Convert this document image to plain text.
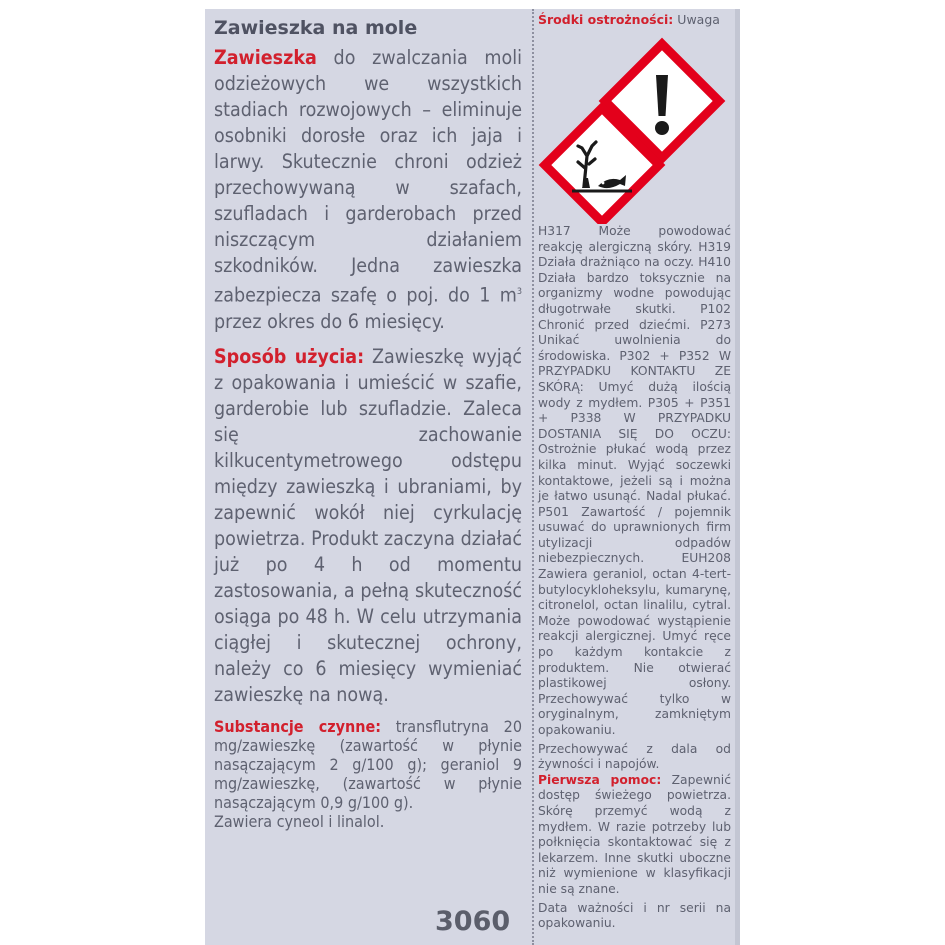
Zawieszka na mole
Zawieszka do zwalczania moli odzieżowych we wszystkich stadiach rozwojowych – eliminuje osobniki dorosłe oraz ich jaja i larwy. Skutecznie chroni odzież przechowywaną w szafach, szufladach i garderobach przed niszczącym działaniem szkodników. Jedna zawieszka zabezpiecza szafę o poj. do 1 $m^3$ przez okres do 6 miesięcy.
Sposób użycia: Zawieszkę wyjąć z opakowania i umieścić w szafie, garderobie lub szufladzie. Zaleca się zachowanie kilkucentymetrowego odstępu między zawieszką i ubraniami, by zapewnić wokół niej cyrkulację powietrza. Produkt zaczyna działać już po 4 h od momentu zastosowania, a pełną skuteczność osiąga po 48 h. W celu utrzymania ciągłej i skutecznej ochrony, należy co 6 miesięcy wymieniać zawieszkę na nową.
Substancje czynne: transflutryna 20 mg/zawieszkę (zawartość w płynie nasączającym 2 g/100 g); geraniol 9 mg/zawieszkę, (zawartość w płynie nasączającym 0,9 g/100 g).
Zawiera cyneol i linalol.
3060
Środki ostrożności: Uwaga
H317 Może powodować reakcję alergiczną skóry. H319 Działa drażniąco na oczy. H410 Działa bardzo toksycznie na organizmy wodne powodując długotrwałe skutki. P102 Chronić przed dziećmi. P273 Unikać uwolnienia do środowiska. P302 + P352 W PRZYPADKU KONTAKTU ZE SKÓRĄ: Umyć dużą ilością wody z mydłem. P305 + P351 + P338 W PRZYPADKU DOSTANIA SIĘ DO OCZU: Ostrożnie płukać wodą przez kilka minut. Wyjąć soczewki kontaktowe, jeżeli są i można je łatwo usunąć. Nadal płukać. P501 Zawartość / pojemnik usuwać do uprawnionych firm utylizacji odpadów niebezpiecznych. EUH208 Zawiera geraniol, octan 4-tert-butylocykloheksylu, kumarynę, citronelol, octan linalilu, cytral. Może powodować wystąpienie reakcji alergicznej. Umyć ręce po każdym kontakcie z produktem. Nie otwierać plastikowej osłony. Przechowywać tylko w oryginalnym, zamkniętym opakowaniu.
Przechowywać z dala od żywności i napojów.
Pierwsza pomoc: Zapewnić dostęp świeżego powietrza. Skórę przemyć wodą z mydłem. W razie potrzeby lub połknięcia skontaktować się z lekarzem. Inne skutki uboczne niż wymienione w klasyfikacji nie są znane.
Data ważności i nr serii na opakowaniu.
